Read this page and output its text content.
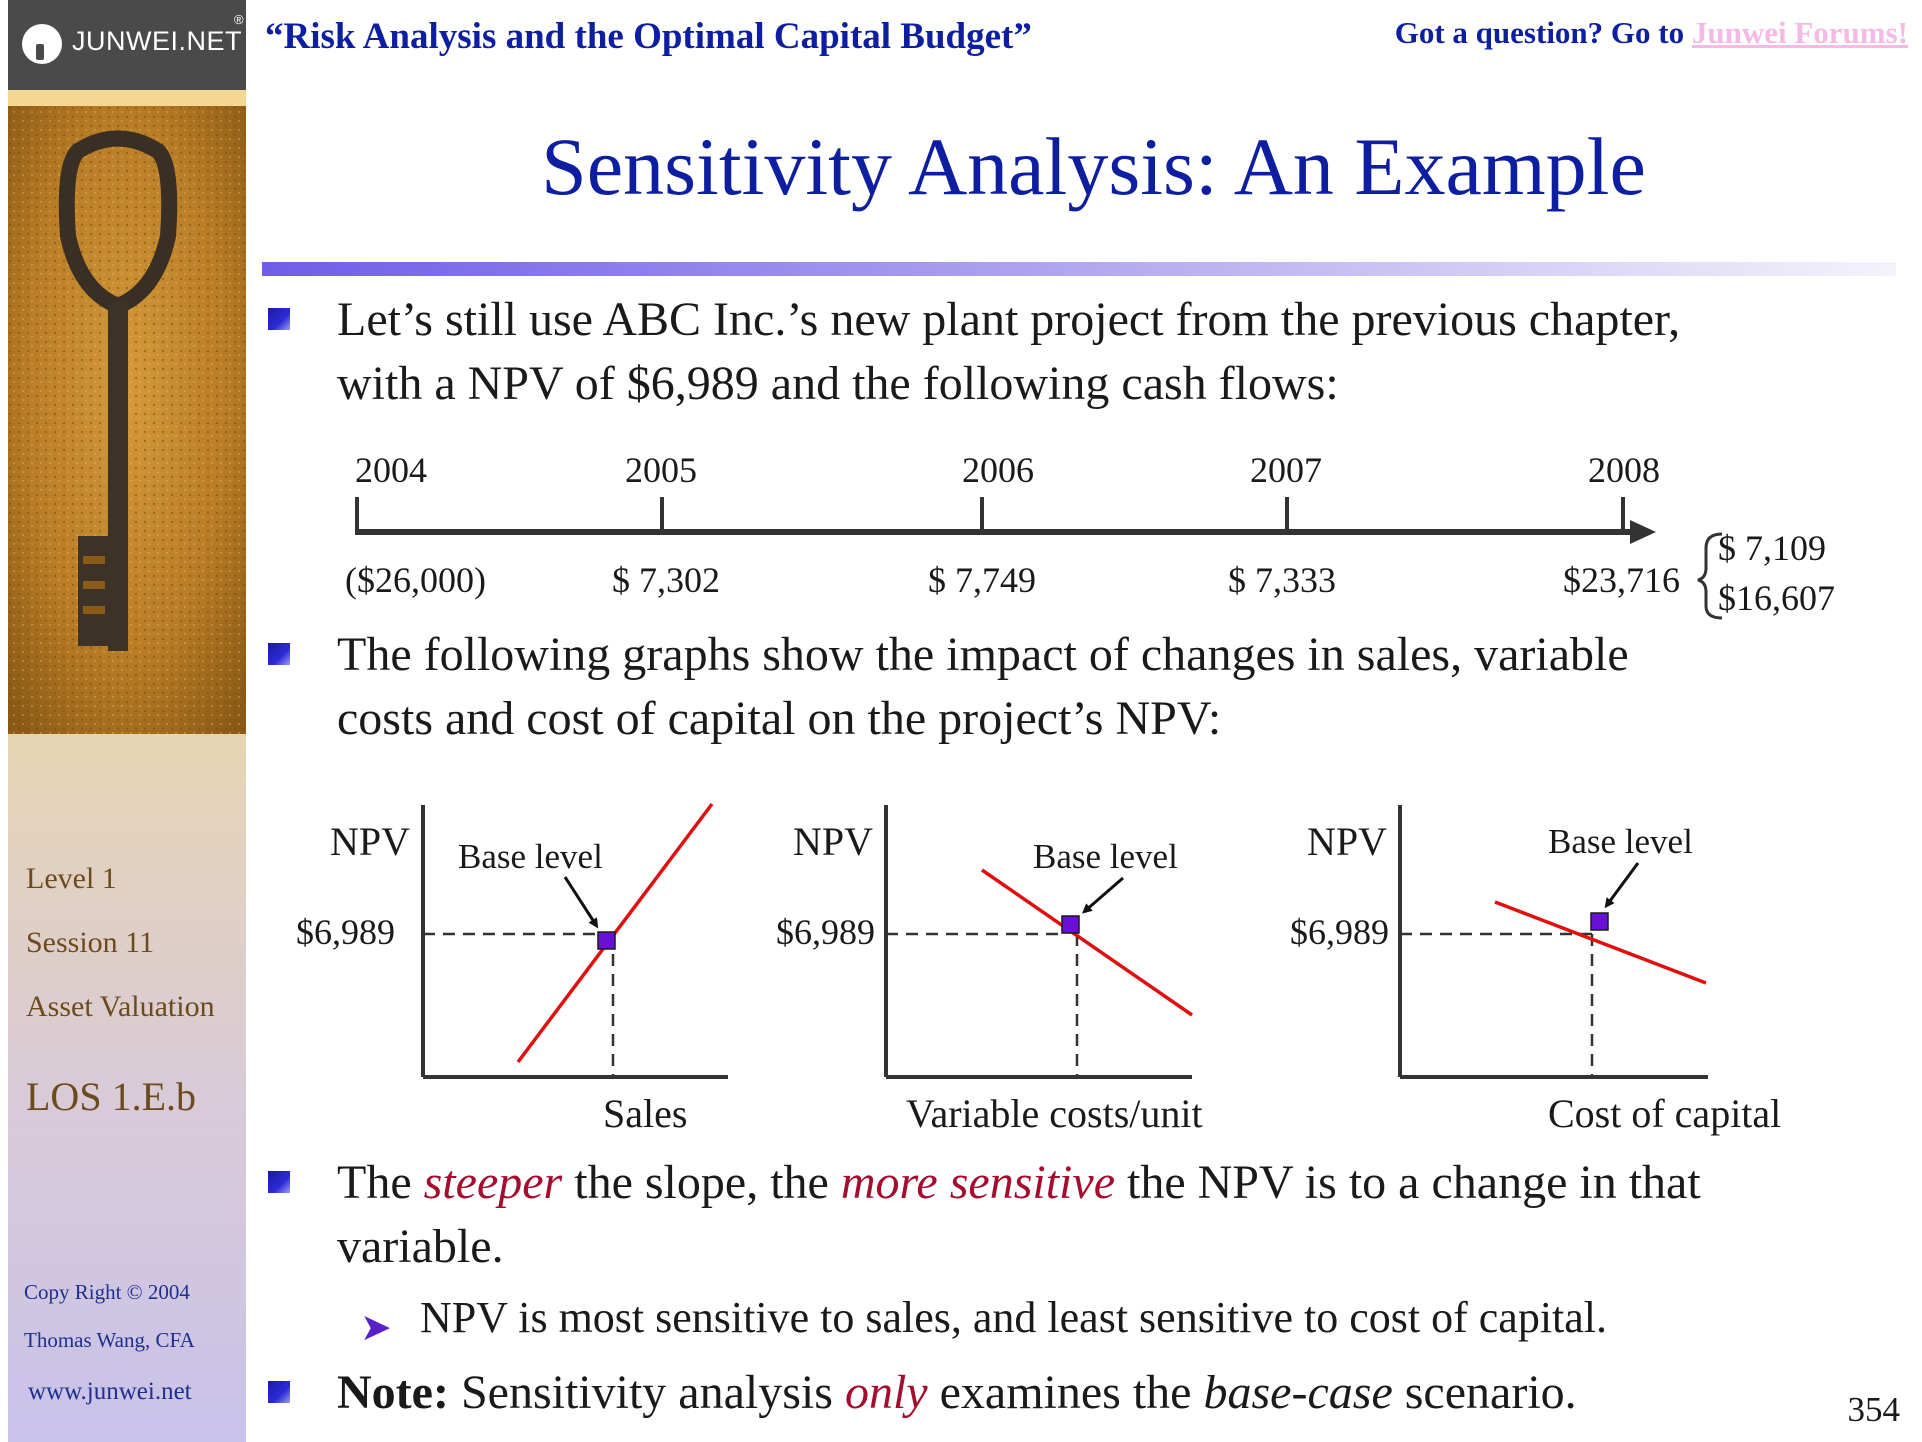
JUNWEI.NET
®
Level 1
Session 11
Asset Valuation
LOS 1.E.b
Copy Right © 2004
Thomas Wang, CFA
www.junwei.net
“Risk Analysis and the Optimal Capital Budget”	Got a question? Go to Junwei Forums!
Sensitivity Analysis: An Example
Let’s still use ABC Inc.’s new plant project from the previous chapter,
with a NPV of $6,989 and the following cash flows:
2004	2005	2006	2007	2008
($26,000)	$ 7,302	$ 7,749	$ 7,333	$23,716
$ 7,109
$16,607
The following graphs show the impact of changes in sales, variable
costs and cost of capital on the project’s NPV:
NPV
$6,989
Sales
Base level	NPV
$6,989
Variable costs/unit
Base level	NPV
$6,989
Cost of capital
Base level
The steeper the slope, the more sensitive the NPV is to a change in that
variable.
➤ NPV is most sensitive to sales, and least sensitive to cost of capital.
Note: Sensitivity analysis only examines the base-case scenario.	354
